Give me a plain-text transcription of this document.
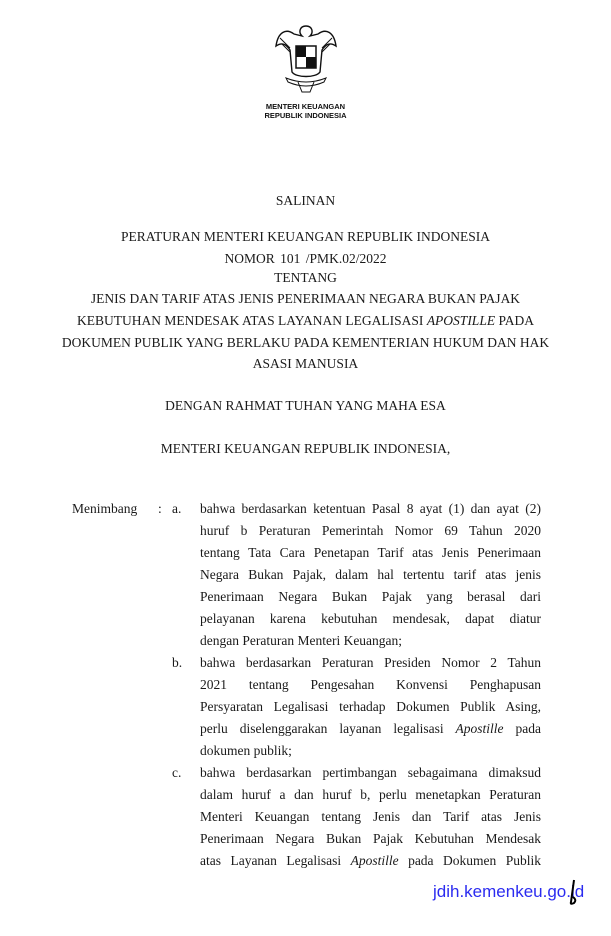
MENTERI KEUANGAN
REPUBLIK INDONESIA
SALINAN
PERATURAN MENTERI KEUANGAN REPUBLIK INDONESIA
NOMOR 101 /PMK.02/2022
TENTANG
JENIS DAN TARIF ATAS JENIS PENERIMAAN NEGARA BUKAN PAJAK
KEBUTUHAN MENDESAK ATAS LAYANAN LEGALISASI APOSTILLE PADA
DOKUMEN PUBLIK YANG BERLAKU PADA KEMENTERIAN HUKUM DAN HAK
ASASI MANUSIA
DENGAN RAHMAT TUHAN YANG MAHA ESA
MENTERI KEUANGAN REPUBLIK INDONESIA,
Menimbang : a. bahwa berdasarkan ketentuan Pasal 8 ayat (1) dan ayat (2)
huruf b Peraturan Pemerintah Nomor 69 Tahun 2020
tentang Tata Cara Penetapan Tarif atas Jenis Penerimaan
Negara Bukan Pajak, dalam hal tertentu tarif atas jenis
Penerimaan Negara Bukan Pajak yang berasal dari
pelayanan karena kebutuhan mendesak, dapat diatur
dengan Peraturan Menteri Keuangan;
b. bahwa berdasarkan Peraturan Presiden Nomor 2 Tahun
2021 tentang Pengesahan Konvensi Penghapusan
Persyaratan Legalisasi terhadap Dokumen Publik Asing,
perlu diselenggarakan layanan legalisasi Apostille pada
dokumen publik;
c. bahwa berdasarkan pertimbangan sebagaimana dimaksud
dalam huruf a dan huruf b, perlu menetapkan Peraturan
Menteri Keuangan tentang Jenis dan Tarif atas Jenis
Penerimaan Negara Bukan Pajak Kebutuhan Mendesak
atas Layanan Legalisasi Apostille pada Dokumen Publik
jdih.kemenkeu.go.id
